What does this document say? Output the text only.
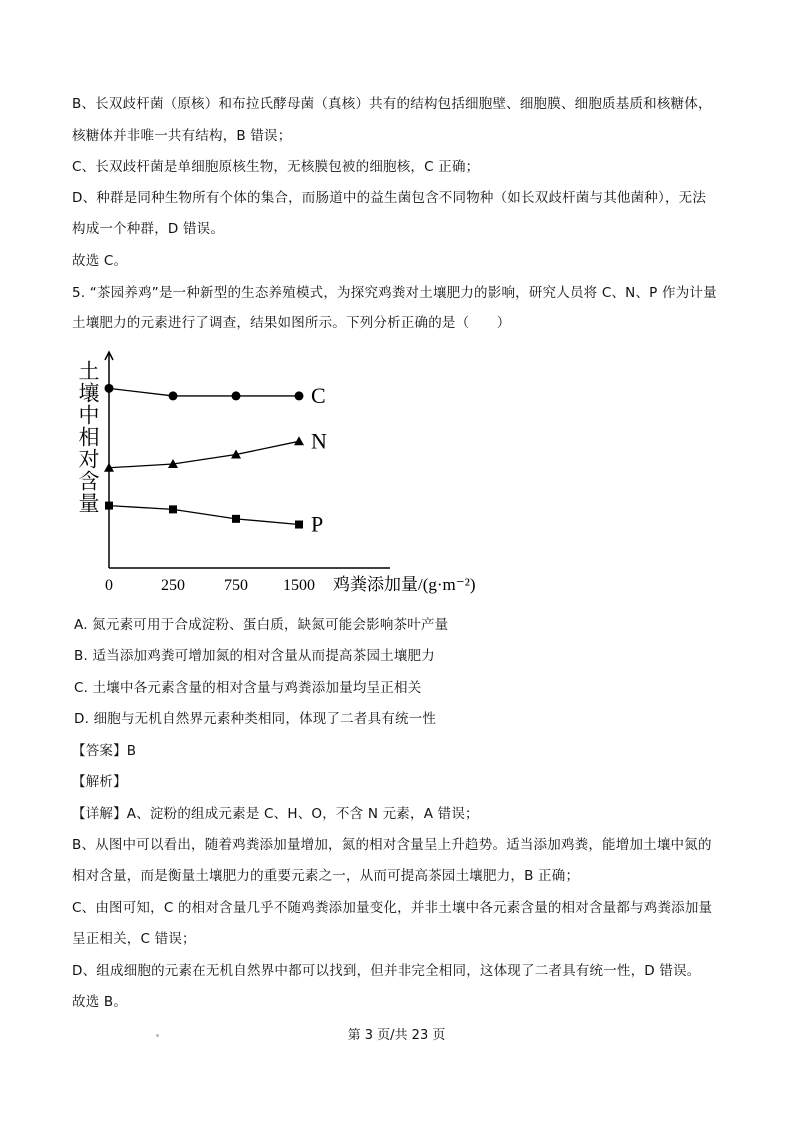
B、长双歧杆菌（原核）和布拉氏酵母菌（真核）共有的结构包括细胞壁、细胞膜、细胞质基质和核糖体，
核糖体并非唯一共有结构，B 错误；
C、长双歧杆菌是单细胞原核生物，无核膜包被的细胞核，C 正确；
D、种群是同种生物所有个体的集合，而肠道中的益生菌包含不同物种（如长双歧杆菌与其他菌种），无法
构成一个种群，D 错误。
故选 C。
5. “茶园养鸡”是一种新型的生态养殖模式，为探究鸡粪对土壤肥力的影响，研究人员将 C、N、P 作为计量
土壤肥力的元素进行了调查，结果如图所示。下列分析正确的是（　　）
0	250 750 1500 鸡粪添加量/(g·m⁻²)
土壤中相对含量	C
N
P
A. 氮元素可用于合成淀粉、蛋白质，缺氮可能会影响茶叶产量
B. 适当添加鸡粪可增加氮的相对含量从而提高茶园土壤肥力
C. 土壤中各元素含量的相对含量与鸡粪添加量均呈正相关
D. 细胞与无机自然界元素种类相同，体现了二者具有统一性
【答案】B
【解析】
【详解】A、淀粉的组成元素是 C、H、O，不含 N 元素，A 错误；
B、从图中可以看出，随着鸡粪添加量增加，氮的相对含量呈上升趋势。适当添加鸡粪，能增加土壤中氮的
相对含量，而是衡量土壤肥力的重要元素之一，从而可提高茶园土壤肥力，B 正确；
C、由图可知，C 的相对含量几乎不随鸡粪添加量变化，并非土壤中各元素含量的相对含量都与鸡粪添加量
呈正相关，C 错误；
D、组成细胞的元素在无机自然界中都可以找到，但并非完全相同，这体现了二者具有统一性，D 错误。
故选 B。
第 3 页/共 23 页
